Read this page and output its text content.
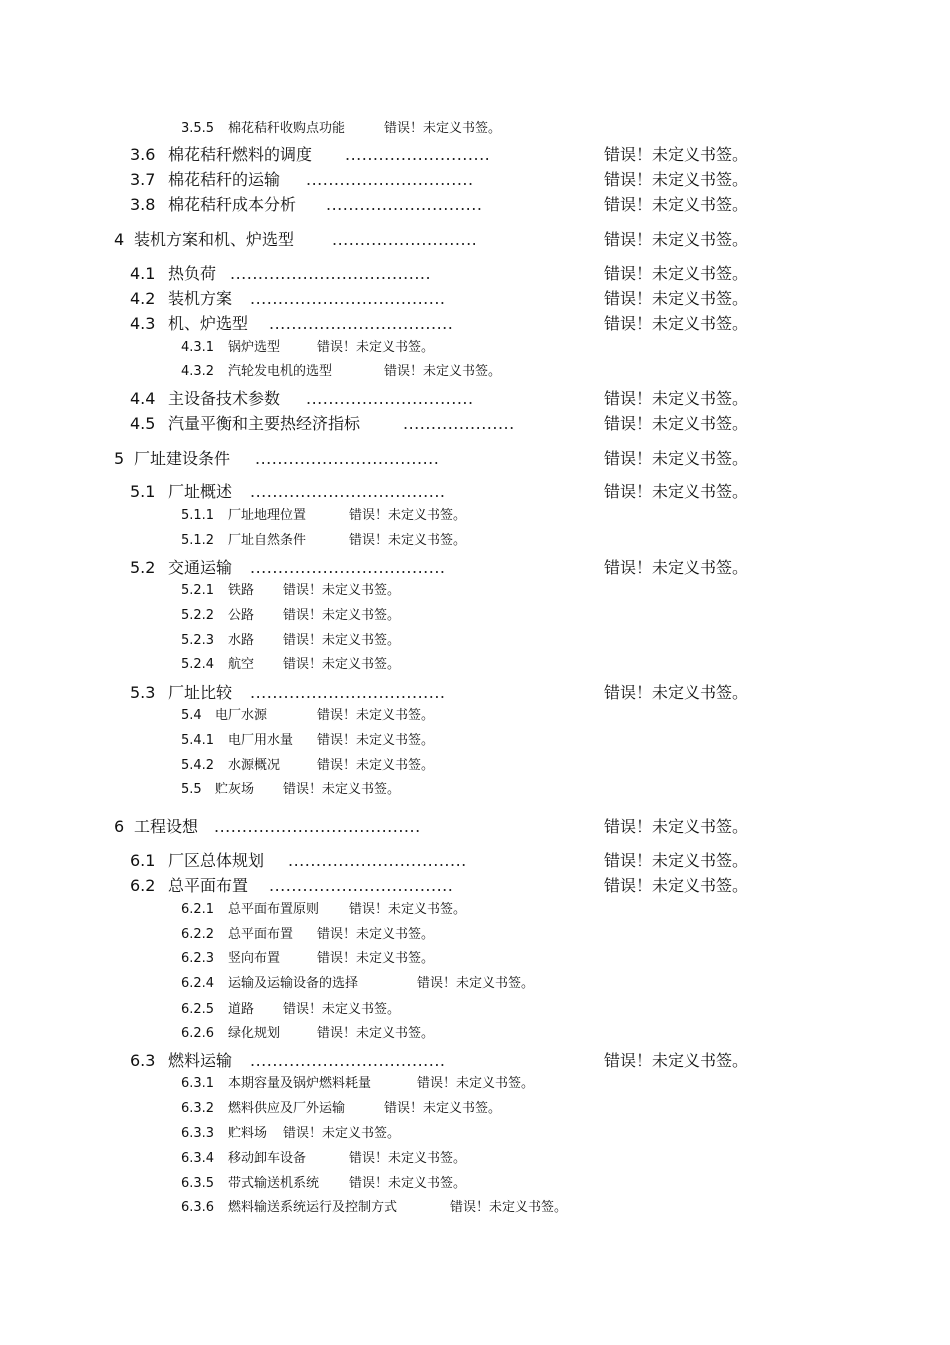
3.5.5 棉花秸秆收购点功能	错误！未定义书签。
3.6 棉花秸秆燃料的调度 ..........................	错误！未定义书签。
3.7 棉花秸秆的运输 ..............................	错误！未定义书签。
3.8 棉花秸秆成本分析 ............................	错误！未定义书签。
4 装机方案和机、炉选型 ..........................	错误！未定义书签。
4.1 热负荷 ....................................	错误！未定义书签。
4.2 装机方案 ...................................	错误！未定义书签。
4.3 机、炉选型 .................................	错误！未定义书签。
4.3.1 锅炉选型	错误！未定义书签。
4.3.2 汽轮发电机的选型	错误！未定义书签。
4.4 主设备技术参数 ..............................	错误！未定义书签。
4.5 汽量平衡和主要热经济指标	....................	错误！未定义书签。
5 厂址建设条件 .................................	错误！未定义书签。
5.1 厂址概述 ...................................	错误！未定义书签。
5.1.1 厂址地理位置	错误！未定义书签。
5.1.2 厂址自然条件	错误！未定义书签。
5.2 交通运输 ...................................	错误！未定义书签。
5.2.1 铁路 错误！未定义书签。
5.2.2 公路 错误！未定义书签。
5.2.3 水路 错误！未定义书签。
5.2.4 航空 错误！未定义书签。
5.3 厂址比较 ...................................	错误！未定义书签。
5.4 电厂水源	错误！未定义书签。
5.4.1 电厂用水量 错误！未定义书签。
5.4.2 水源概况	错误！未定义书签。
5.5 贮灰场 错误！未定义书签。
6 工程设想 .....................................	错误！未定义书签。
6.1 厂区总体规划 ................................	错误！未定义书签。
6.2 总平面布置 .................................	错误！未定义书签。
6.2.1 总平面布置原则 错误！未定义书签。
6.2.2 总平面布置 错误！未定义书签。
6.2.3 竖向布置	错误！未定义书签。
6.2.4 运输及运输设备的选择	错误！未定义书签。
6.2.5 道路 错误！未定义书签。
6.2.6 绿化规划	错误！未定义书签。
6.3 燃料运输 ...................................	错误！未定义书签。
6.3.1 本期容量及锅炉燃料耗量	错误！未定义书签。
6.3.2 燃料供应及厂外运输	错误！未定义书签。
6.3.3 贮料场 错误！未定义书签。
6.3.4 移动卸车设备	错误！未定义书签。
6.3.5 带式输送机系统 错误！未定义书签。
6.3.6 燃料输送系统运行及控制方式	错误！未定义书签。
